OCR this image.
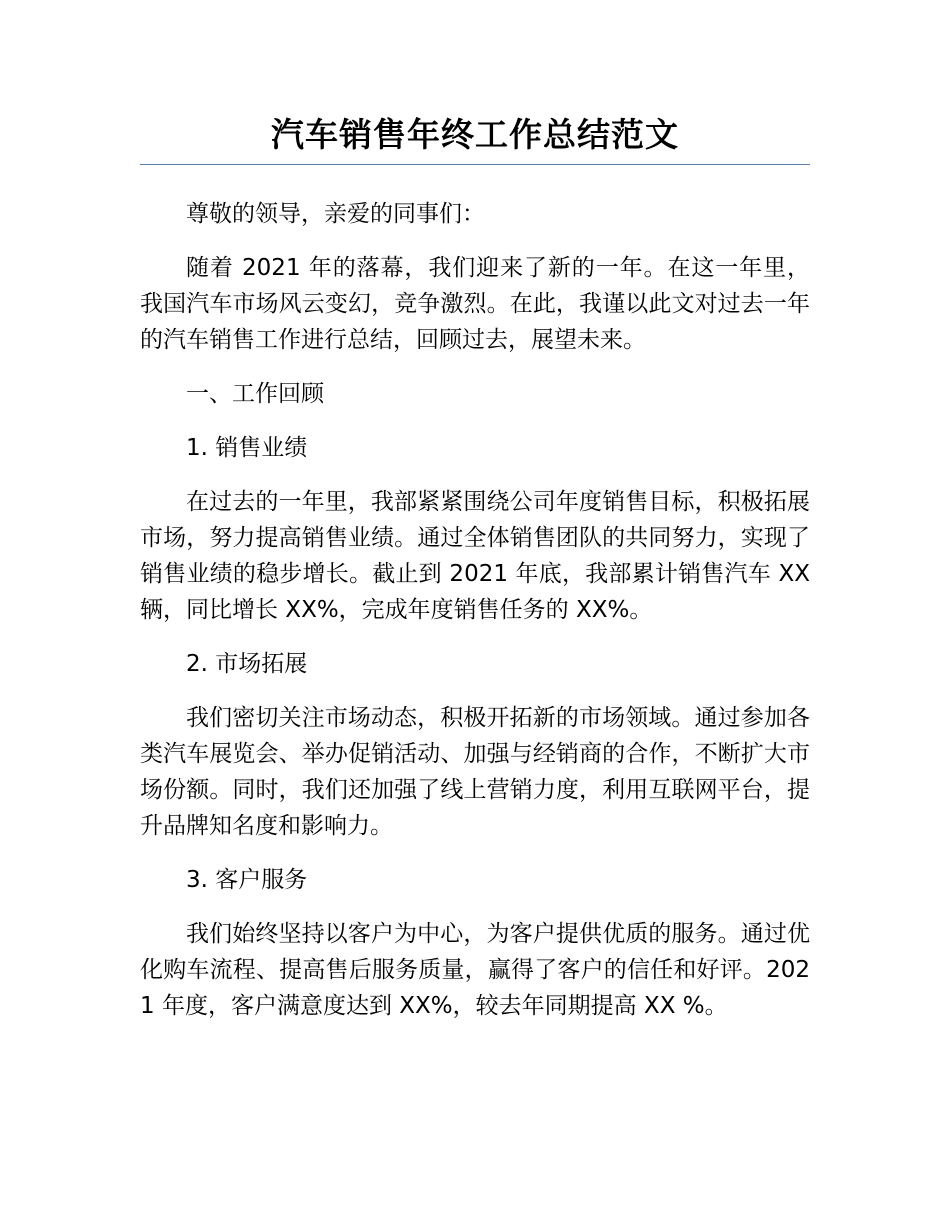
汽车销售年终工作总结范文

尊敬的领导，亲爱的同事们：

随着 2021 年的落幕，我们迎来了新的一年。在这一年里，我国汽车市场风云变幻，竞争激烈。在此，我谨以此文对过去一年的汽车销售工作进行总结，回顾过去，展望未来。

一、工作回顾

1. 销售业绩

在过去的一年里，我部紧紧围绕公司年度销售目标，积极拓展市场，努力提高销售业绩。通过全体销售团队的共同努力，实现了销售业绩的稳步增长。截止到 2021 年底，我部累计销售汽车 XX 辆，同比增长 XX%，完成年度销售任务的 XX%。

2. 市场拓展

我们密切关注市场动态，积极开拓新的市场领域。通过参加各类汽车展览会、举办促销活动、加强与经销商的合作，不断扩大市场份额。同时，我们还加强了线上营销力度，利用互联网平台，提升品牌知名度和影响力。

3. 客户服务

我们始终坚持以客户为中心，为客户提供优质的服务。通过优化购车流程、提高售后服务质量，赢得了客户的信任和好评。2021 年度，客户满意度达到 XX%，较去年同期提高 XX %。
